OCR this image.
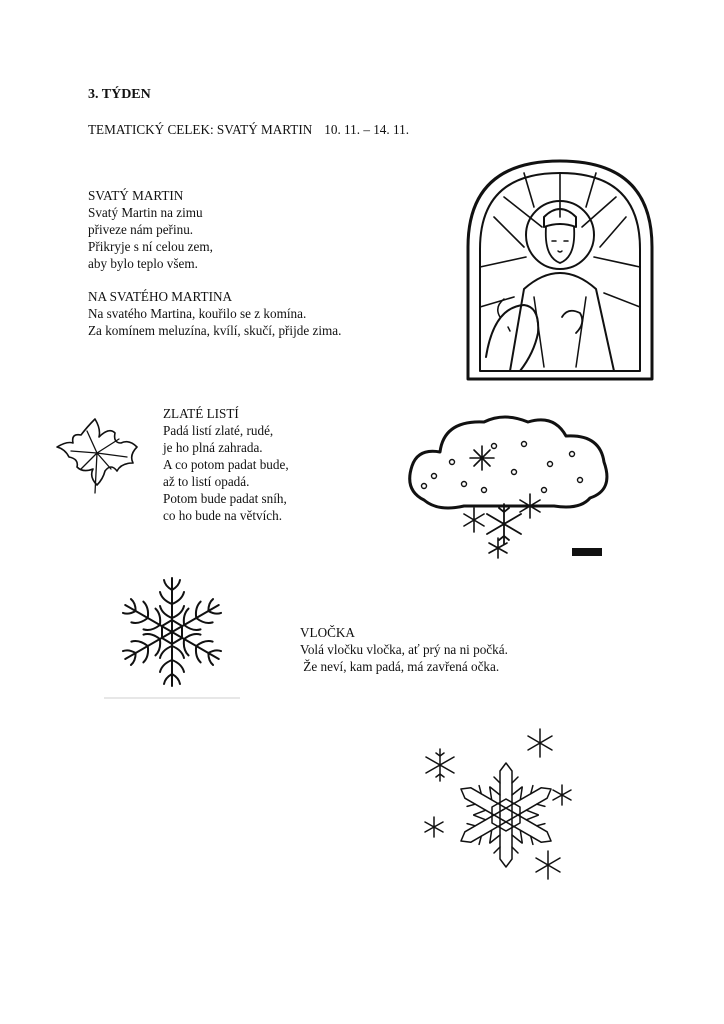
3. TÝDEN
TEMATICKÝ CELEK: SVATÝ MARTIN 10. 11. – 14. 11.
SVATÝ MARTIN
Svatý Martin na zimu
přiveze nám peřinu.
Přikryje s ní celou zem,
aby bylo teplo všem.
NA SVATÉHO MARTINA
Na svatého Martina, kouřilo se z komína.
Za komínem meluzína, kvílí, skučí, přijde zima.
ZLATÉ LISTÍ
Padá listí zlaté, rudé,
je ho plná zahrada.
A co potom padat bude,
až to listí opadá.
Potom bude padat sníh,
co ho bude na větvích.
VLOČKA
Volá vločku vločka, ať prý na ni počká.
Že neví, kam padá, má zavřená očka.
